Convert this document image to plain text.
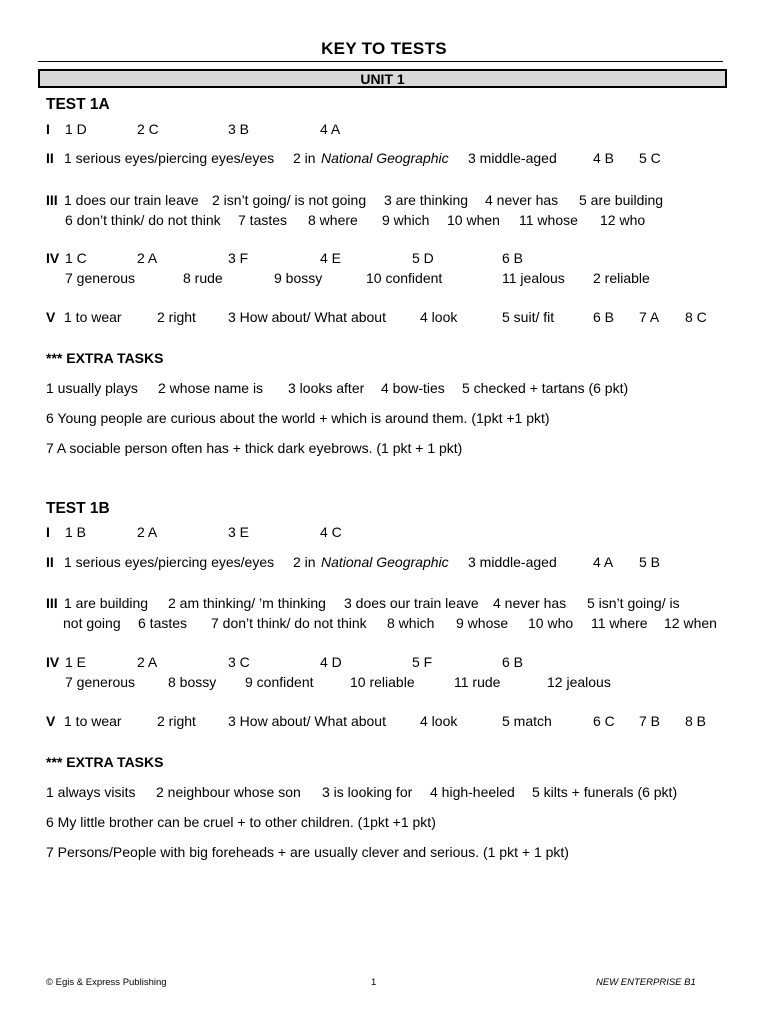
KEY TO TESTS
UNIT 1
TEST 1A
I 1 D	2 C	3 B	4 A
II 1 serious eyes/piercing eyes/eyes 2 in National Geographic 3 middle-aged	4 B 5 C
III 1 does our train leave 2 isn’t going/ is not going 3 are thinking 4 never has 5 are building
6 don’t think/ do not think 7 tastes 8 where 9 which 10 when 11 whose 12 who
IV 1 C	2 A	3 F	4 E	5 D	6 B
7 generous	8 rude	9 bossy	10 confident	11 jealous 2 reliable
V 1 to wear	2 right 3 How about/ What about 4 look	5 suit/ fit	6 B 7 A 8 C
*** EXTRA TASKS
1 usually plays 2 whose name is 3 looks after 4 bow-ties 5 checked + tartans (6 pkt)
6 Young people are curious about the world + which is around them. (1pkt +1 pkt)
7 A sociable person often has + thick dark eyebrows. (1 pkt + 1 pkt)
TEST 1B
I 1 B	2 A	3 E	4 C
II 1 serious eyes/piercing eyes/eyes 2 in National Geographic 3 middle-aged	4 A 5 B
III 1 are building 2 am thinking/ ’m thinking 3 does our train leave 4 never has 5 isn’t going/ is
not going 6 tastes 7 don’t think/ do not think 8 which 9 whose 10 who 11 where 12 when
IV 1 E	2 A	3 C	4 D	5 F	6 B
7 generous 8 bossy 9 confident	10 reliable	11 rude	12 jealous
V 1 to wear	2 right 3 How about/ What about 4 look	5 match	6 C 7 B 8 B
*** EXTRA TASKS
1 always visits 2 neighbour whose son 3 is looking for 4 high-heeled 5 kilts + funerals (6 pkt)
6 My little brother can be cruel + to other children. (1pkt +1 pkt)
7 Persons/People with big foreheads + are usually clever and serious. (1 pkt + 1 pkt)
© Egis & Express Publishing	1	NEW ENTERPRISE B1
